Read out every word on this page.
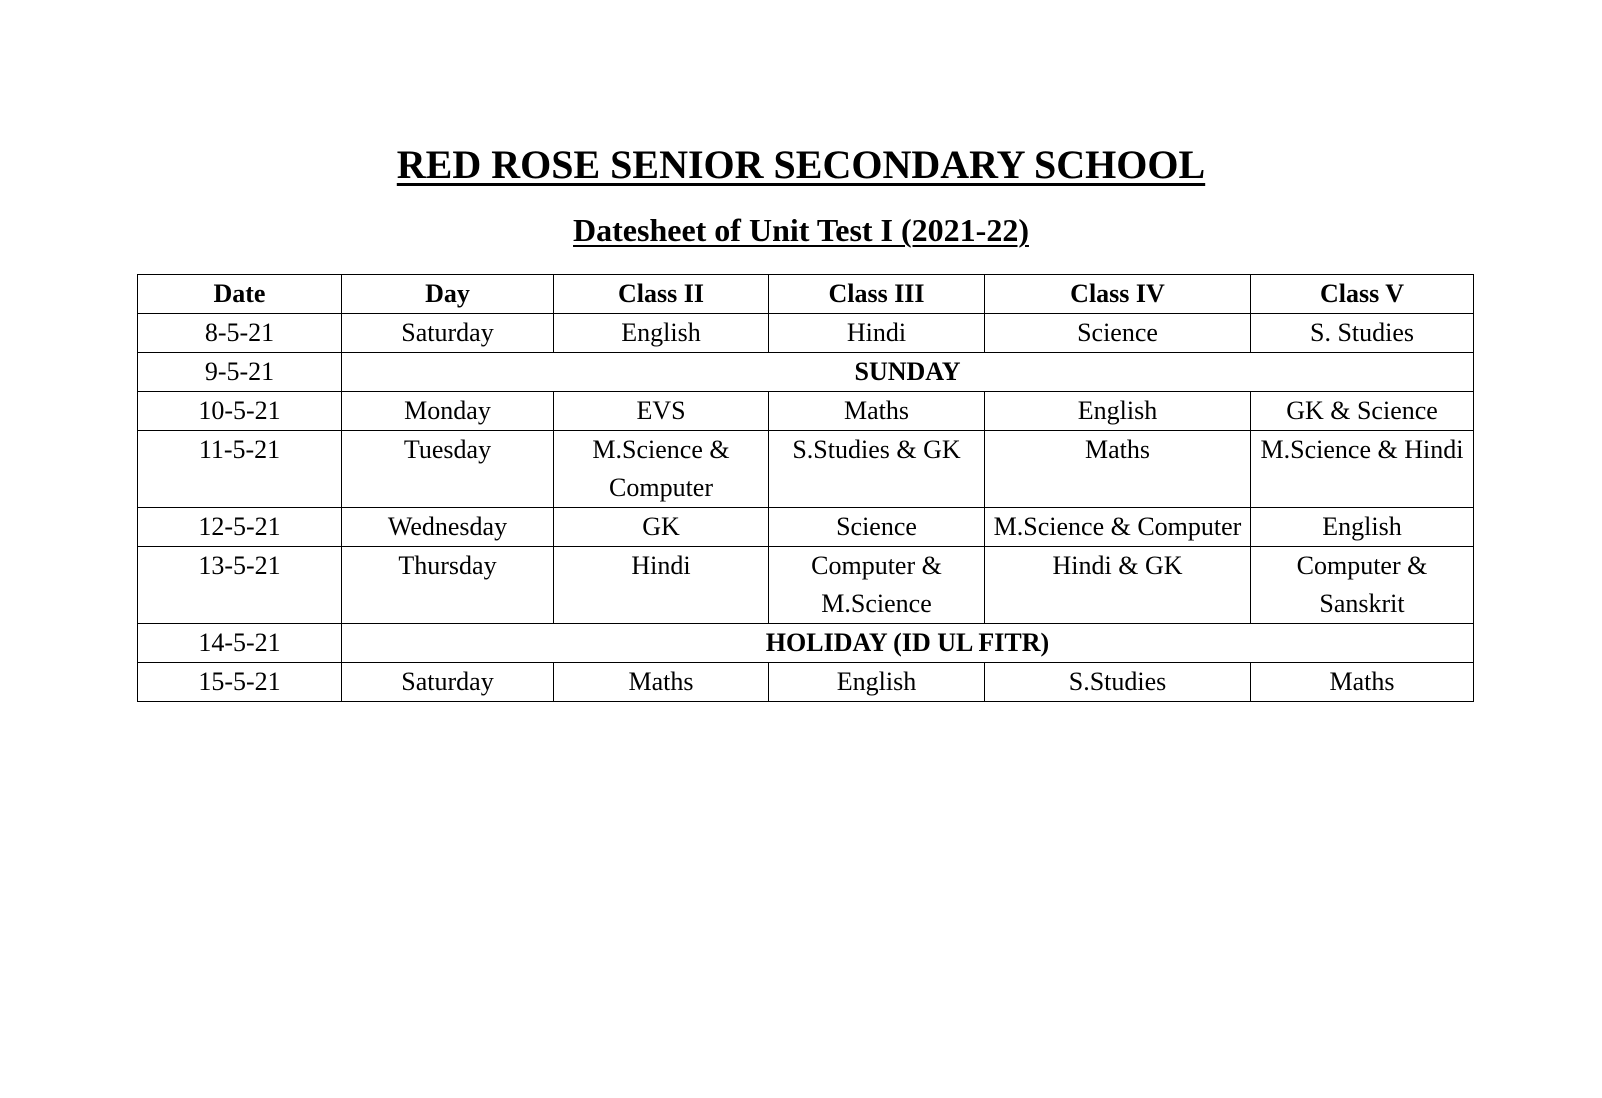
RED ROSE SENIOR SECONDARY SCHOOL
Datesheet of Unit Test I (2021-22)
Date	Day	Class II	Class III	Class IV	Class V
8-5-21	Saturday	English	Hindi	Science	S. Studies
9-5-21	SUNDAY				
10-5-21	Monday	EVS	Maths	English	GK & Science
11-5-21	Tuesday	M.Science & Computer	S.Studies & GK	Maths	M.Science & Hindi
12-5-21	Wednesday	GK	Science	M.Science & Computer	English
13-5-21	Thursday	Hindi	Computer & M.Science	Hindi & GK	Computer & Sanskrit
14-5-21	HOLIDAY (ID UL FITR)				
15-5-21	Saturday	Maths	English	S.Studies	Maths
